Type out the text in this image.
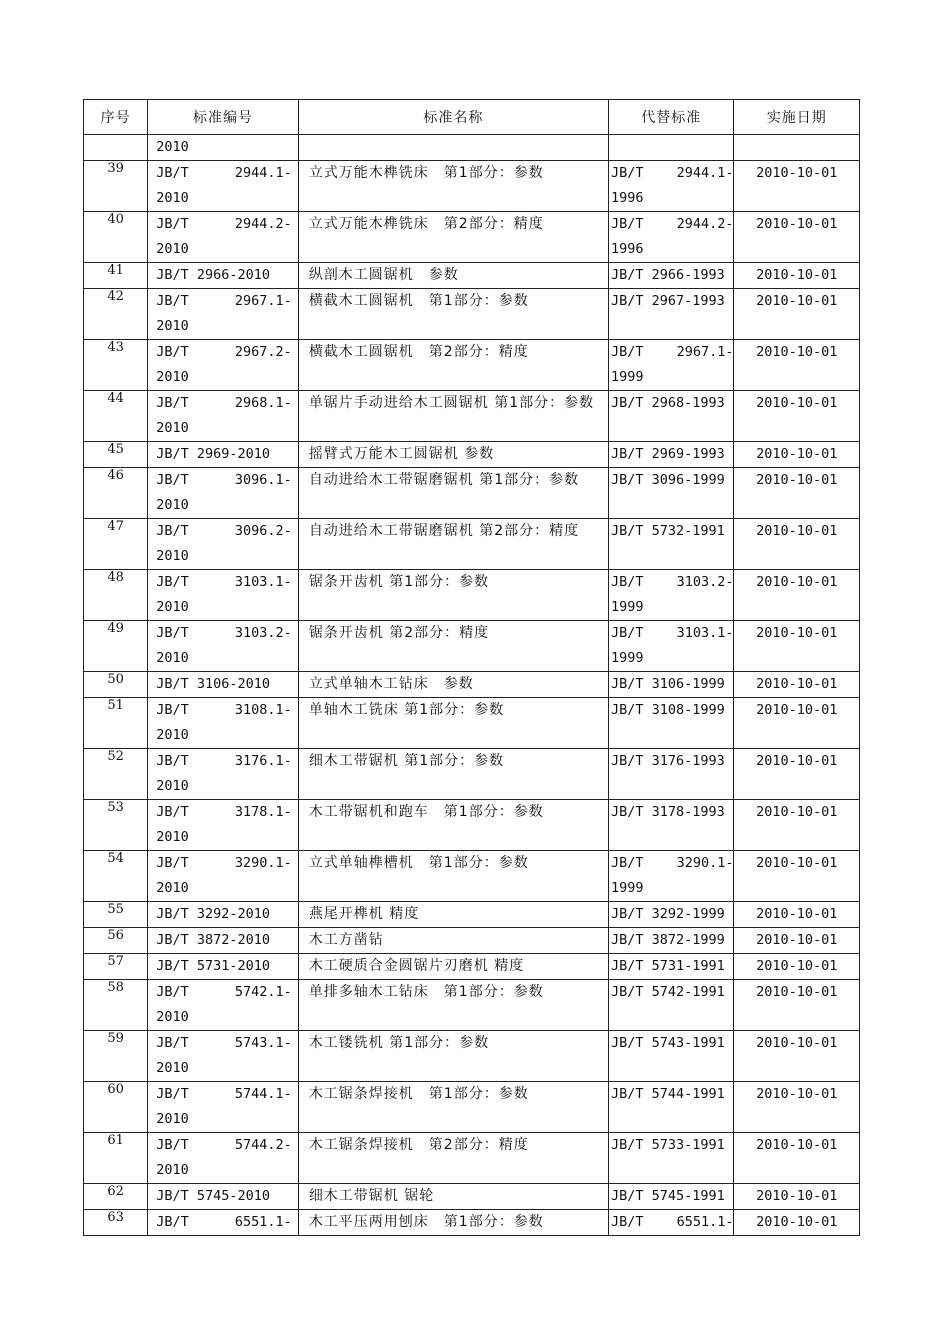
序号	标准编号	标准名称	代替标准	实施日期

	2010			

39	JB/T 2944.1-
2010	立式万能木榫铣床　第1部分：参数	JB/T 2944.1-
1996	2010-10-01

40	JB/T 2944.2-
2010	立式万能木榫铣床　第2部分：精度	JB/T 2944.2-
1996	2010-10-01

41	JB/T 2966-2010	纵剖木工圆锯机　参数	JB/T 2966-1993	2010-10-01

42	JB/T 2967.1-
2010	横截木工圆锯机　第1部分：参数	JB/T 2967-1993	2010-10-01

43	JB/T 2967.2-
2010	横截木工圆锯机　第2部分：精度	JB/T 2967.1-
1999	2010-10-01

44	JB/T 2968.1-
2010	单锯片手动进给木工圆锯机 第1部分：参数	JB/T 2968-1993	2010-10-01

45	JB/T 2969-2010	摇臂式万能木工圆锯机 参数	JB/T 2969-1993	2010-10-01

46	JB/T 3096.1-
2010	自动进给木工带锯磨锯机 第1部分：参数	JB/T 3096-1999	2010-10-01

47	JB/T 3096.2-
2010	自动进给木工带锯磨锯机 第2部分：精度	JB/T 5732-1991	2010-10-01

48	JB/T 3103.1-
2010	锯条开齿机 第1部分：参数	JB/T 3103.2-
1999	2010-10-01

49	JB/T 3103.2-
2010	锯条开齿机 第2部分：精度	JB/T 3103.1-
1999	2010-10-01

50	JB/T 3106-2010	立式单轴木工钻床　参数	JB/T 3106-1999	2010-10-01

51	JB/T 3108.1-
2010	单轴木工铣床 第1部分：参数	JB/T 3108-1999	2010-10-01

52	JB/T 3176.1-
2010	细木工带锯机 第1部分：参数	JB/T 3176-1993	2010-10-01

53	JB/T 3178.1-
2010	木工带锯机和跑车　第1部分：参数	JB/T 3178-1993	2010-10-01

54	JB/T 3290.1-
2010	立式单轴榫槽机　第1部分：参数	JB/T 3290.1-
1999	2010-10-01

55	JB/T 3292-2010	燕尾开榫机 精度	JB/T 3292-1999	2010-10-01

56	JB/T 3872-2010	木工方凿钻	JB/T 3872-1999	2010-10-01

57	JB/T 5731-2010	木工硬质合金圆锯片刃磨机 精度	JB/T 5731-1991	2010-10-01

58	JB/T 5742.1-
2010	单排多轴木工钻床　第1部分：参数	JB/T 5742-1991	2010-10-01

59	JB/T 5743.1-
2010	木工镂铣机 第1部分：参数	JB/T 5743-1991	2010-10-01

60	JB/T 5744.1-
2010	木工锯条焊接机　第1部分：参数	JB/T 5744-1991	2010-10-01

61	JB/T 5744.2-
2010	木工锯条焊接机　第2部分：精度	JB/T 5733-1991	2010-10-01

62	JB/T 5745-2010	细木工带锯机 锯轮	JB/T 5745-1991	2010-10-01

63	JB/T 6551.1-	木工平压两用刨床　第1部分：参数	JB/T 6551.1-	2010-10-01
